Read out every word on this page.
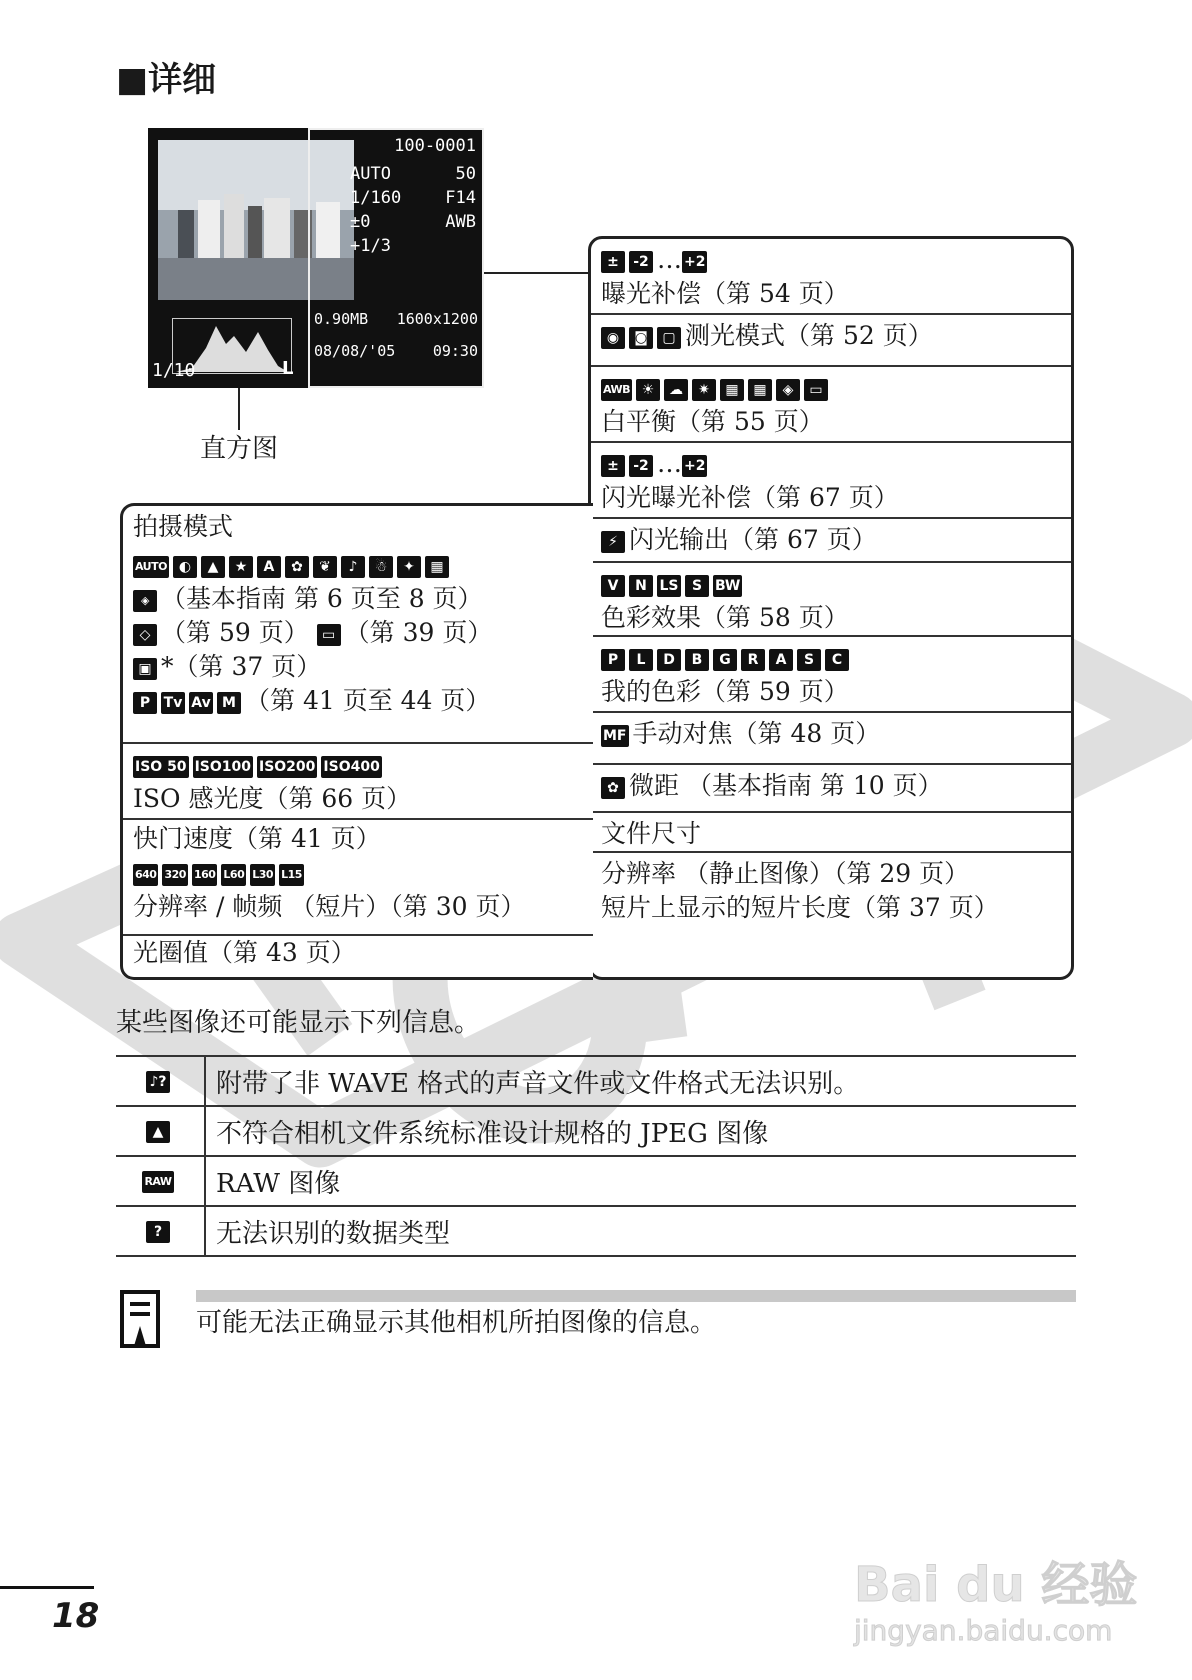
■详细
1/10	L
100-0001
AUTO	50
1/160	F14
±0	AWB
+1/3
0.90MB 1600x1200
08/08/'05	09:30
直方图
± -2 … +2
曝光补偿（第 54 页）
◉ ◙ ▢ 测光模式（第 52 页）
AWB ☀ ☁ ✷ ▦ ▦ ◈ ▭
白平衡（第 55 页）
± -2 … +2
闪光曝光补偿（第 67 页）
⚡ 闪光输出（第 67 页）
V N LS S BW
色彩效果（第 58 页）
P L D B G R A S C
我的色彩（第 59 页）
MF 手动对焦（第 48 页）
✿ 微距 （基本指南 第 10 页）
文件尺寸
分辨率 （静止图像）（第 29 页）
短片上显示的短片长度（第 37 页）
拍摄模式
AUTO ◐ ▲ ★ A ✿ ❦ ♪ ☃ ✦ ▦
◈ （基本指南 第 6 页至 8 页）
◇ （第 59 页） ▭ （第 39 页）
▣ *（第 37 页）
P Tv Av M （第 41 页至 44 页）
ISO 50 ISO100 ISO200 ISO400
ISO 感光度（第 66 页）
快门速度（第 41 页）
640 320 160 L60 L30 L15
分辨率 / 帧频 （短片）（第 30 页）
光圈值（第 43 页）
某些图像还可能显示下列信息。
♪?	附带了非 WAVE 格式的声音文件或文件格式无法识别。
▲	不符合相机文件系统标准设计规格的 JPEG 图像
RAW	RAW 图像
?	无法识别的数据类型
可能无法正确显示其他相机所拍图像的信息。
18
Bai du 经验
jingyan.baidu.com
